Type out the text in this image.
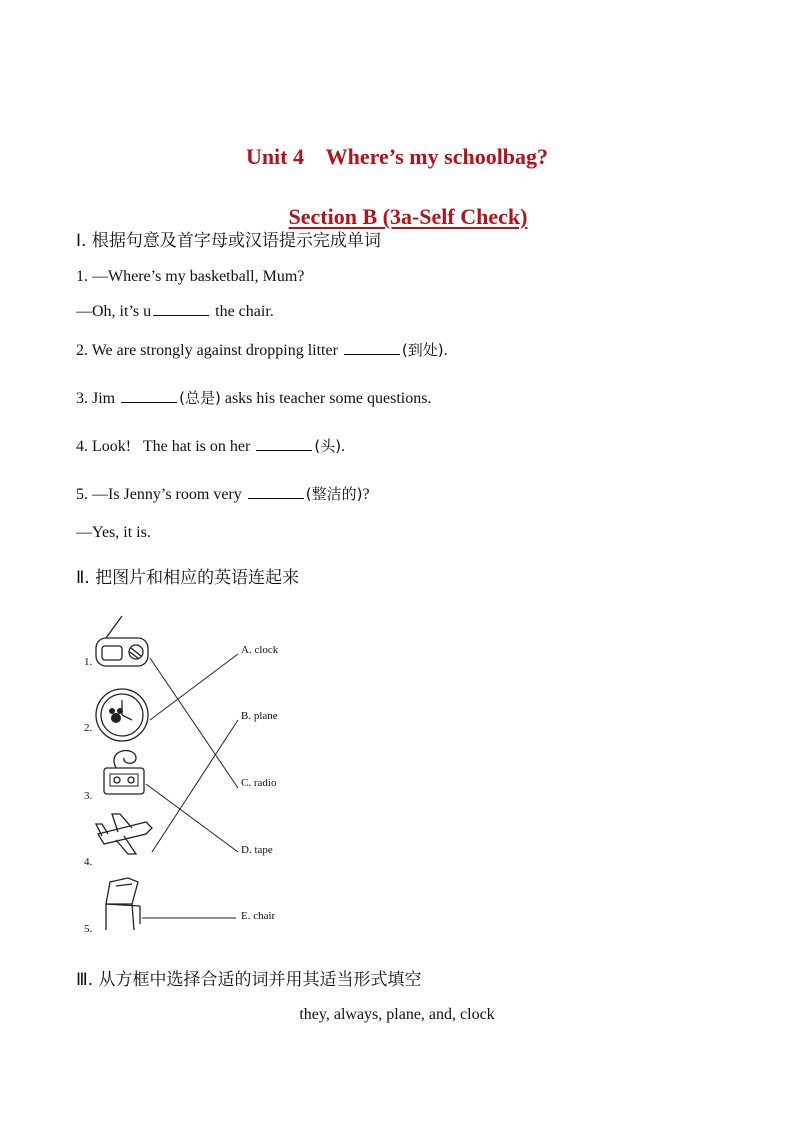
Unit 4    Where’s my schoolbag?

Section B (3a-Self Check)

Ⅰ. 根据句意及首字母或汉语提示完成单词
1. —Where’s my basketball, Mum?
—Oh, it’s u	the chair.
2. We are strongly against dropping litter	(到处).
3. Jim	(总是) asks his teacher some questions.
4. Look!   The hat is on her	(头).
5. —Is Jenny’s room very	(整洁的)?
—Yes, it is.
Ⅱ. 把图片和相应的英语连起来
1.
2.
3.
4.
5.
A. clock
B. plane
C. radio
D. tape
E. chair
Ⅲ. 从方框中选择合适的词并用其适当形式填空
they, always, plane, and, clock
